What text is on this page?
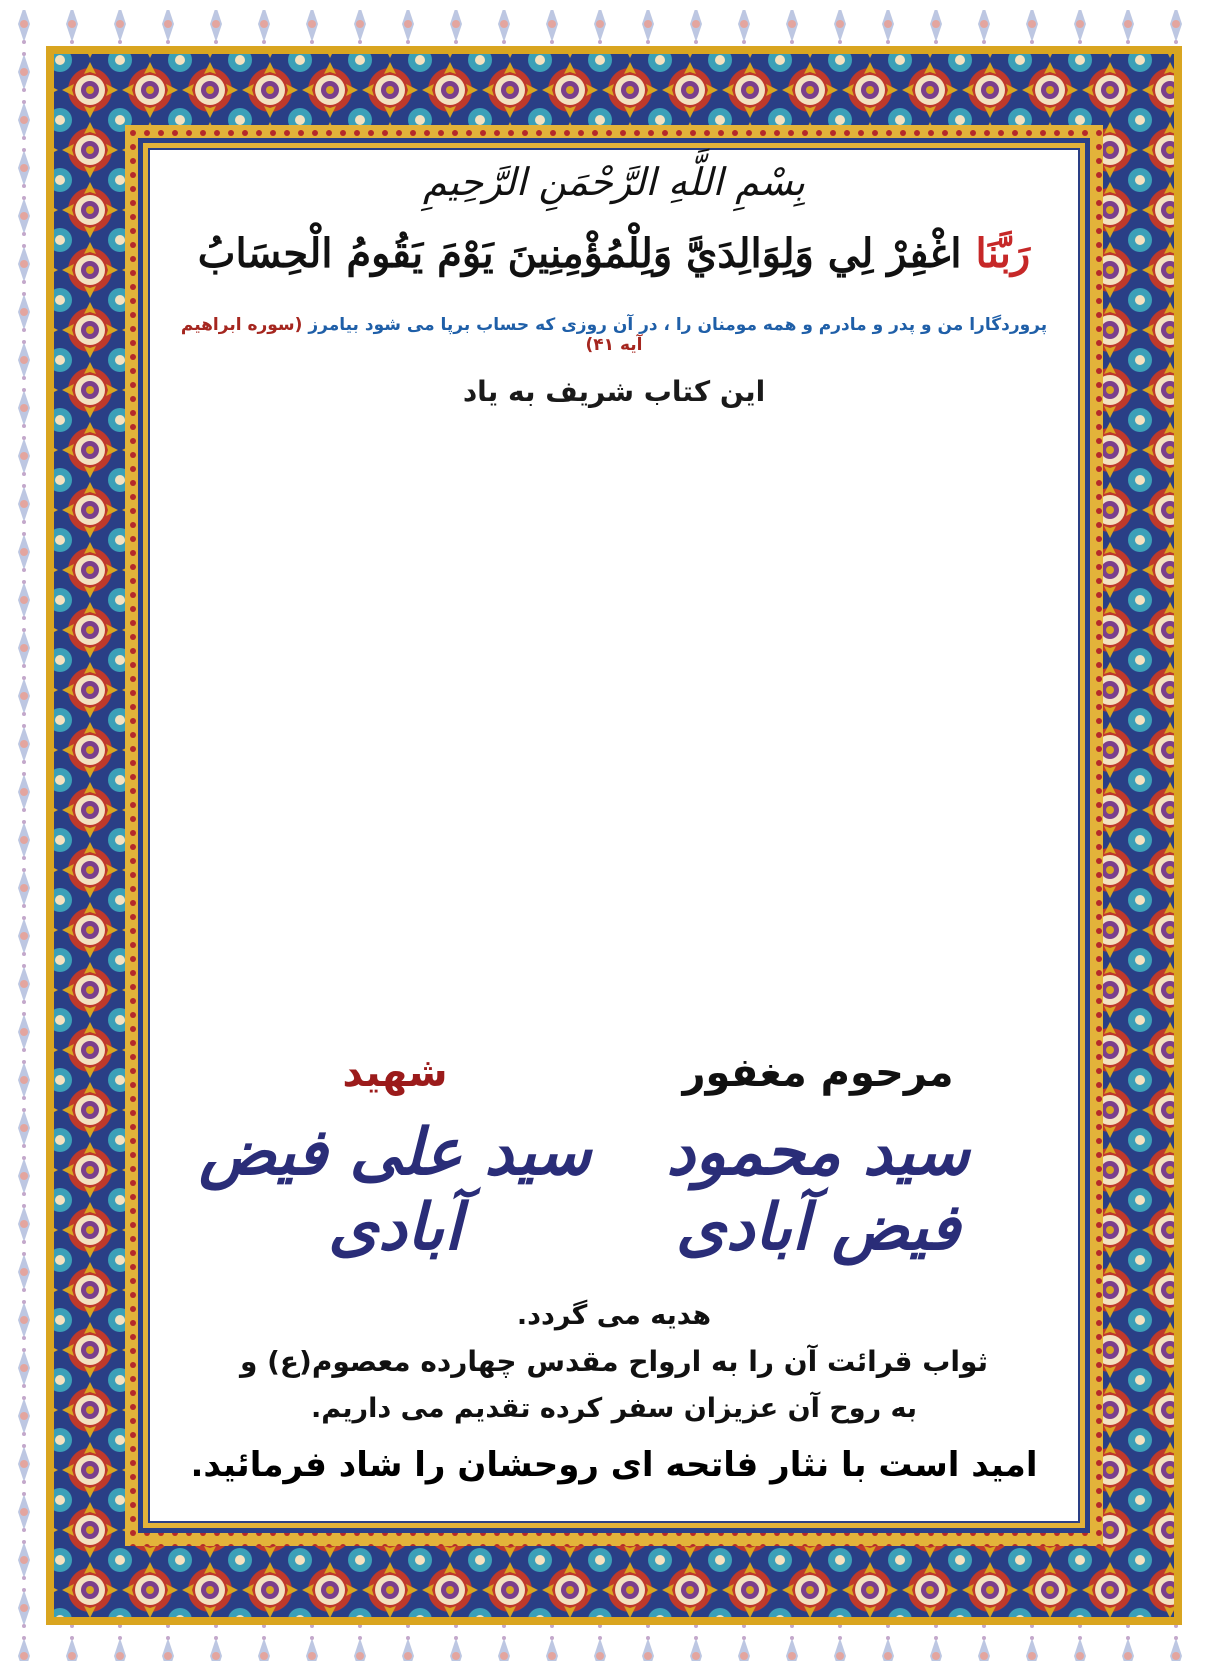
بِسْمِ اللَّهِ الرَّحْمَنِ الرَّحِيمِ
رَبَّنَا اغْفِرْ لِي وَلِوَالِدَيَّ وَلِلْمُؤْمِنِينَ يَوْمَ يَقُومُ الْحِسَابُ
پروردگارا من و پدر و مادرم و همه مومنان را ، در آن روزی که حساب برپا می شود بیامرز (سوره ابراهیم آیه ۴۱)
این کتاب شریف به یاد
مرحوم مغفور
شهید
سید محمود فیض آبادی
سید علی فیض آبادی
هدیه می گردد.
ثواب قرائت آن را به ارواح مقدس چهارده معصوم(ع) و
به روح آن عزیزان سفر کرده تقدیم می داریم.
امید است با نثار فاتحه ای روحشان را شاد فرمائید.
